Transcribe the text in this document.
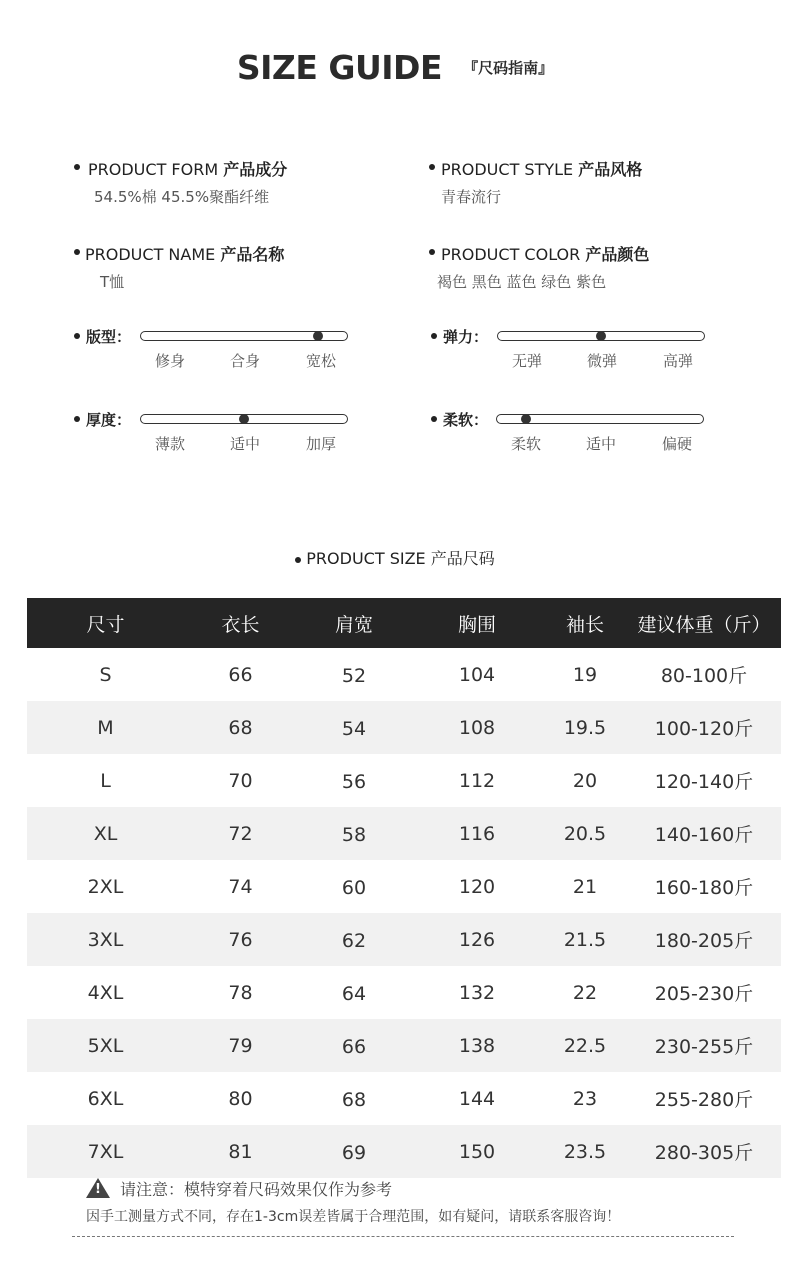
SIZE GUIDE 『尺码指南』
PRODUCT FORM 产品成分
54.5%棉 45.5%聚酯纤维
PRODUCT NAME 产品名称
T恤
PRODUCT STYLE 产品风格
青春流行
PRODUCT COLOR 产品颜色
褐色 黑色 蓝色 绿色 紫色
版型：
修身	合身	宽松
弹力：
无弹	微弹	高弹
厚度：
薄款	适中	加厚
柔软：
柔软	适中	偏硬
PRODUCT SIZE 产品尺码
尺寸	衣长	肩宽	胸围	袖长	建议体重（斤）
S	66	52	104	19	80-100斤
M	68	54	108	19.5	100-120斤
L	70	56	112	20	120-140斤
XL	72	58	116	20.5	140-160斤
2XL	74	60	120	21	160-180斤
3XL	76	62	126	21.5	180-205斤
4XL	78	64	132	22	205-230斤
5XL	79	66	138	22.5	230-255斤
6XL	80	68	144	23	255-280斤
7XL	81	69	150	23.5	280-305斤
!请注意：模特穿着尺码效果仅作为参考
因手工测量方式不同，存在1-3cm误差皆属于合理范围，如有疑问，请联系客服咨询！
